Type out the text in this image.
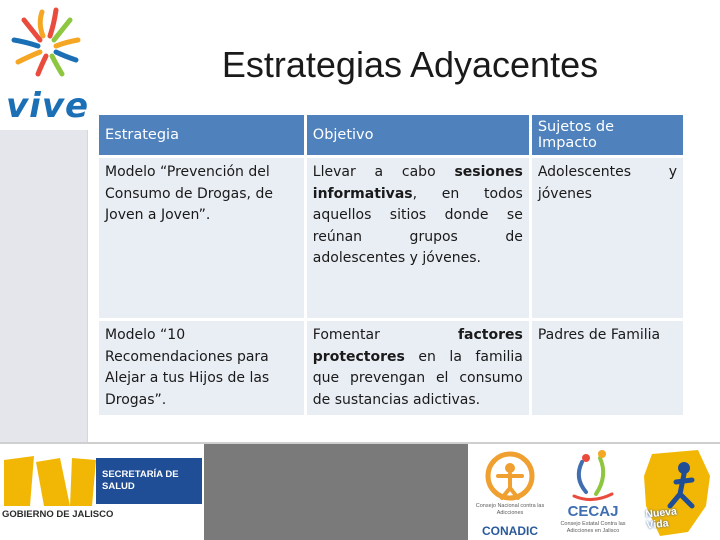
vive
Estrategias Adyacentes
Estrategia	Objetivo	Sujetos de Impacto
Modelo “Prevención del Consumo de Drogas, de Joven a Joven”.	Llevar a cabo sesiones informativas, en todos aquellos sitios donde se reúnan grupos de adolescentes y jóvenes.	Adolescentes y jóvenes
Modelo “10 Recomendaciones para Alejar a tus Hijos de las Drogas”.	Fomentar factores protectores en la familia que prevengan el consumo de sustancias adictivas.	Padres de Familia
GOBIERNO DE JALISCO
SECRETARÍA DE
SALUD
Consejo Nacional contra las Adicciones
CONADIC
CECAJ
Consejo Estatal Contra las Adicciones en Jalisco
Nueva
Vida
